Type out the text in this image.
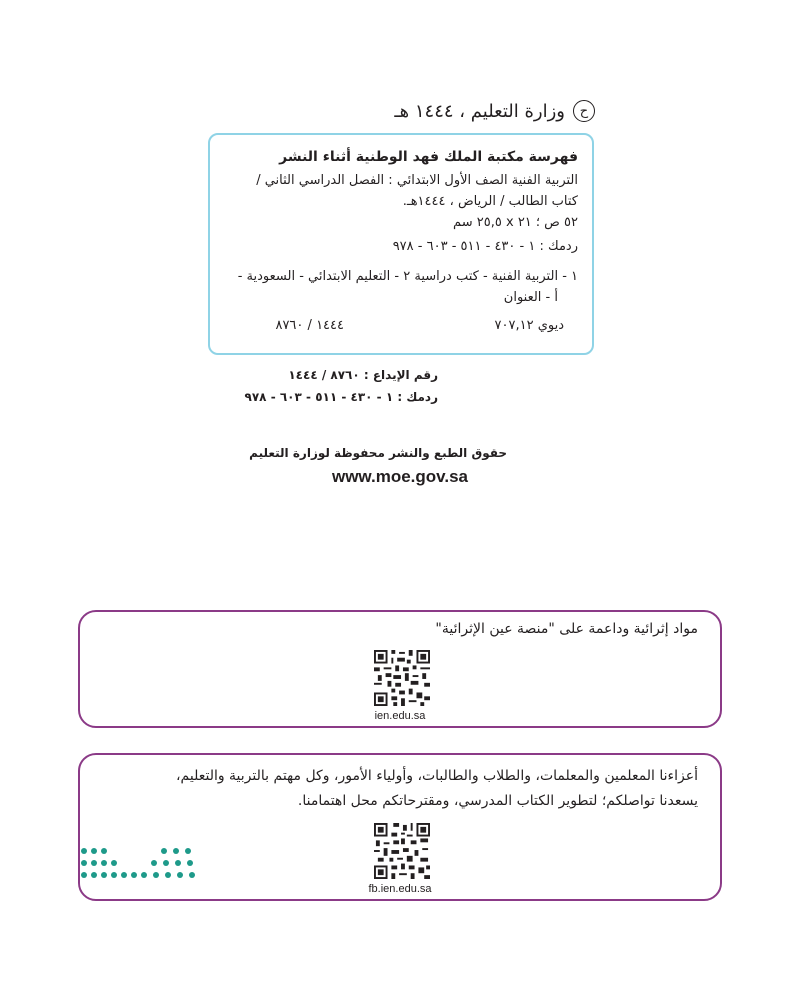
ح
وزارة التعليم ، ١٤٤٤ هـ
فهرسة مكتبة الملك فهد الوطنية أثناء النشر
التربية الفنية الصف الأول الابتدائي : الفصل الدراسي الثاني /
كتاب الطالب / الرياض ، ١٤٤٤هـ.
٥٢ ص ؛ ٢١ x ٢٥,٥ سم
ردمك : ١ - ٤٣٠ - ٥١١ - ٦٠٣ - ٩٧٨
١ - التربية الفنية - كتب دراسية ٢ - التعليم الابتدائي - السعودية -
أ - العنوان
ديوي ٧٠٧,١٢
١٤٤٤ / ٨٧٦٠
رقم الإيداع : ٨٧٦٠ / ١٤٤٤
ردمك : ١ - ٤٣٠ - ٥١١ - ٦٠٣ - ٩٧٨
حقوق الطبع والنشر محفوظة لوزارة التعليم
www.moe.gov.sa
مواد إثرائية وداعمة على "منصة عين الإثرائية"
ien.edu.sa
أعزاءنا المعلمين والمعلمات، والطلاب والطالبات، وأولياء الأمور، وكل مهتم بالتربية والتعليم،
يسعدنا تواصلكم؛ لتطوير الكتاب المدرسي، ومقترحاتكم محل اهتمامنا.
fb.ien.edu.sa
